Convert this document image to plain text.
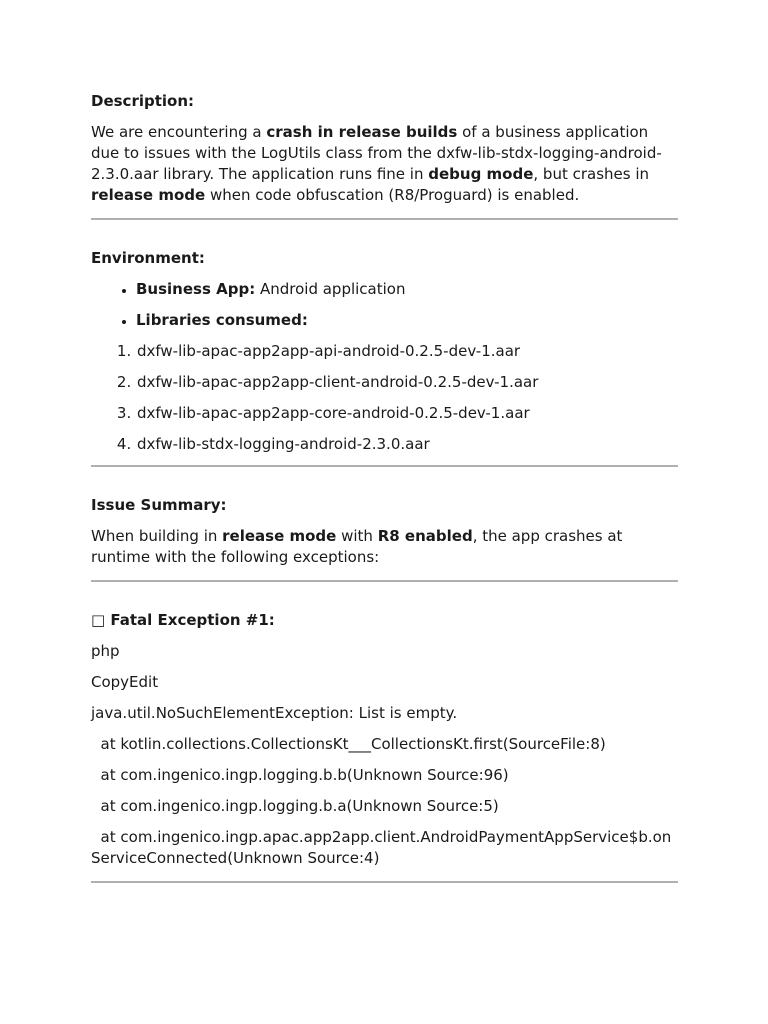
Description:

We are encountering a crash in release builds of a business application due to issues with the LogUtils class from the dxfw-lib-stdx-logging-android-2.3.0.aar library. The application runs fine in debug mode, but crashes in release mode when code obfuscation (R8/Proguard) is enabled.

Environment:
• Business App: Android application
• Libraries consumed:
1. dxfw-lib-apac-app2app-api-android-0.2.5-dev-1.aar
2. dxfw-lib-apac-app2app-client-android-0.2.5-dev-1.aar
3. dxfw-lib-apac-app2app-core-android-0.2.5-dev-1.aar
4. dxfw-lib-stdx-logging-android-2.3.0.aar
Issue Summary:

When building in release mode with R8 enabled, the app crashes at runtime with the following exceptions:

□ Fatal Exception #1:

php

CopyEdit

java.util.NoSuchElementException: List is empty.
at kotlin.collections.CollectionsKt___CollectionsKt.first(SourceFile:8)
at com.ingenico.ingp.logging.b.b(Unknown Source:96)
at com.ingenico.ingp.logging.b.a(Unknown Source:5)
at com.ingenico.ingp.apac.app2app.client.AndroidPaymentAppService$b.onServiceConnected(Unknown Source:4)
